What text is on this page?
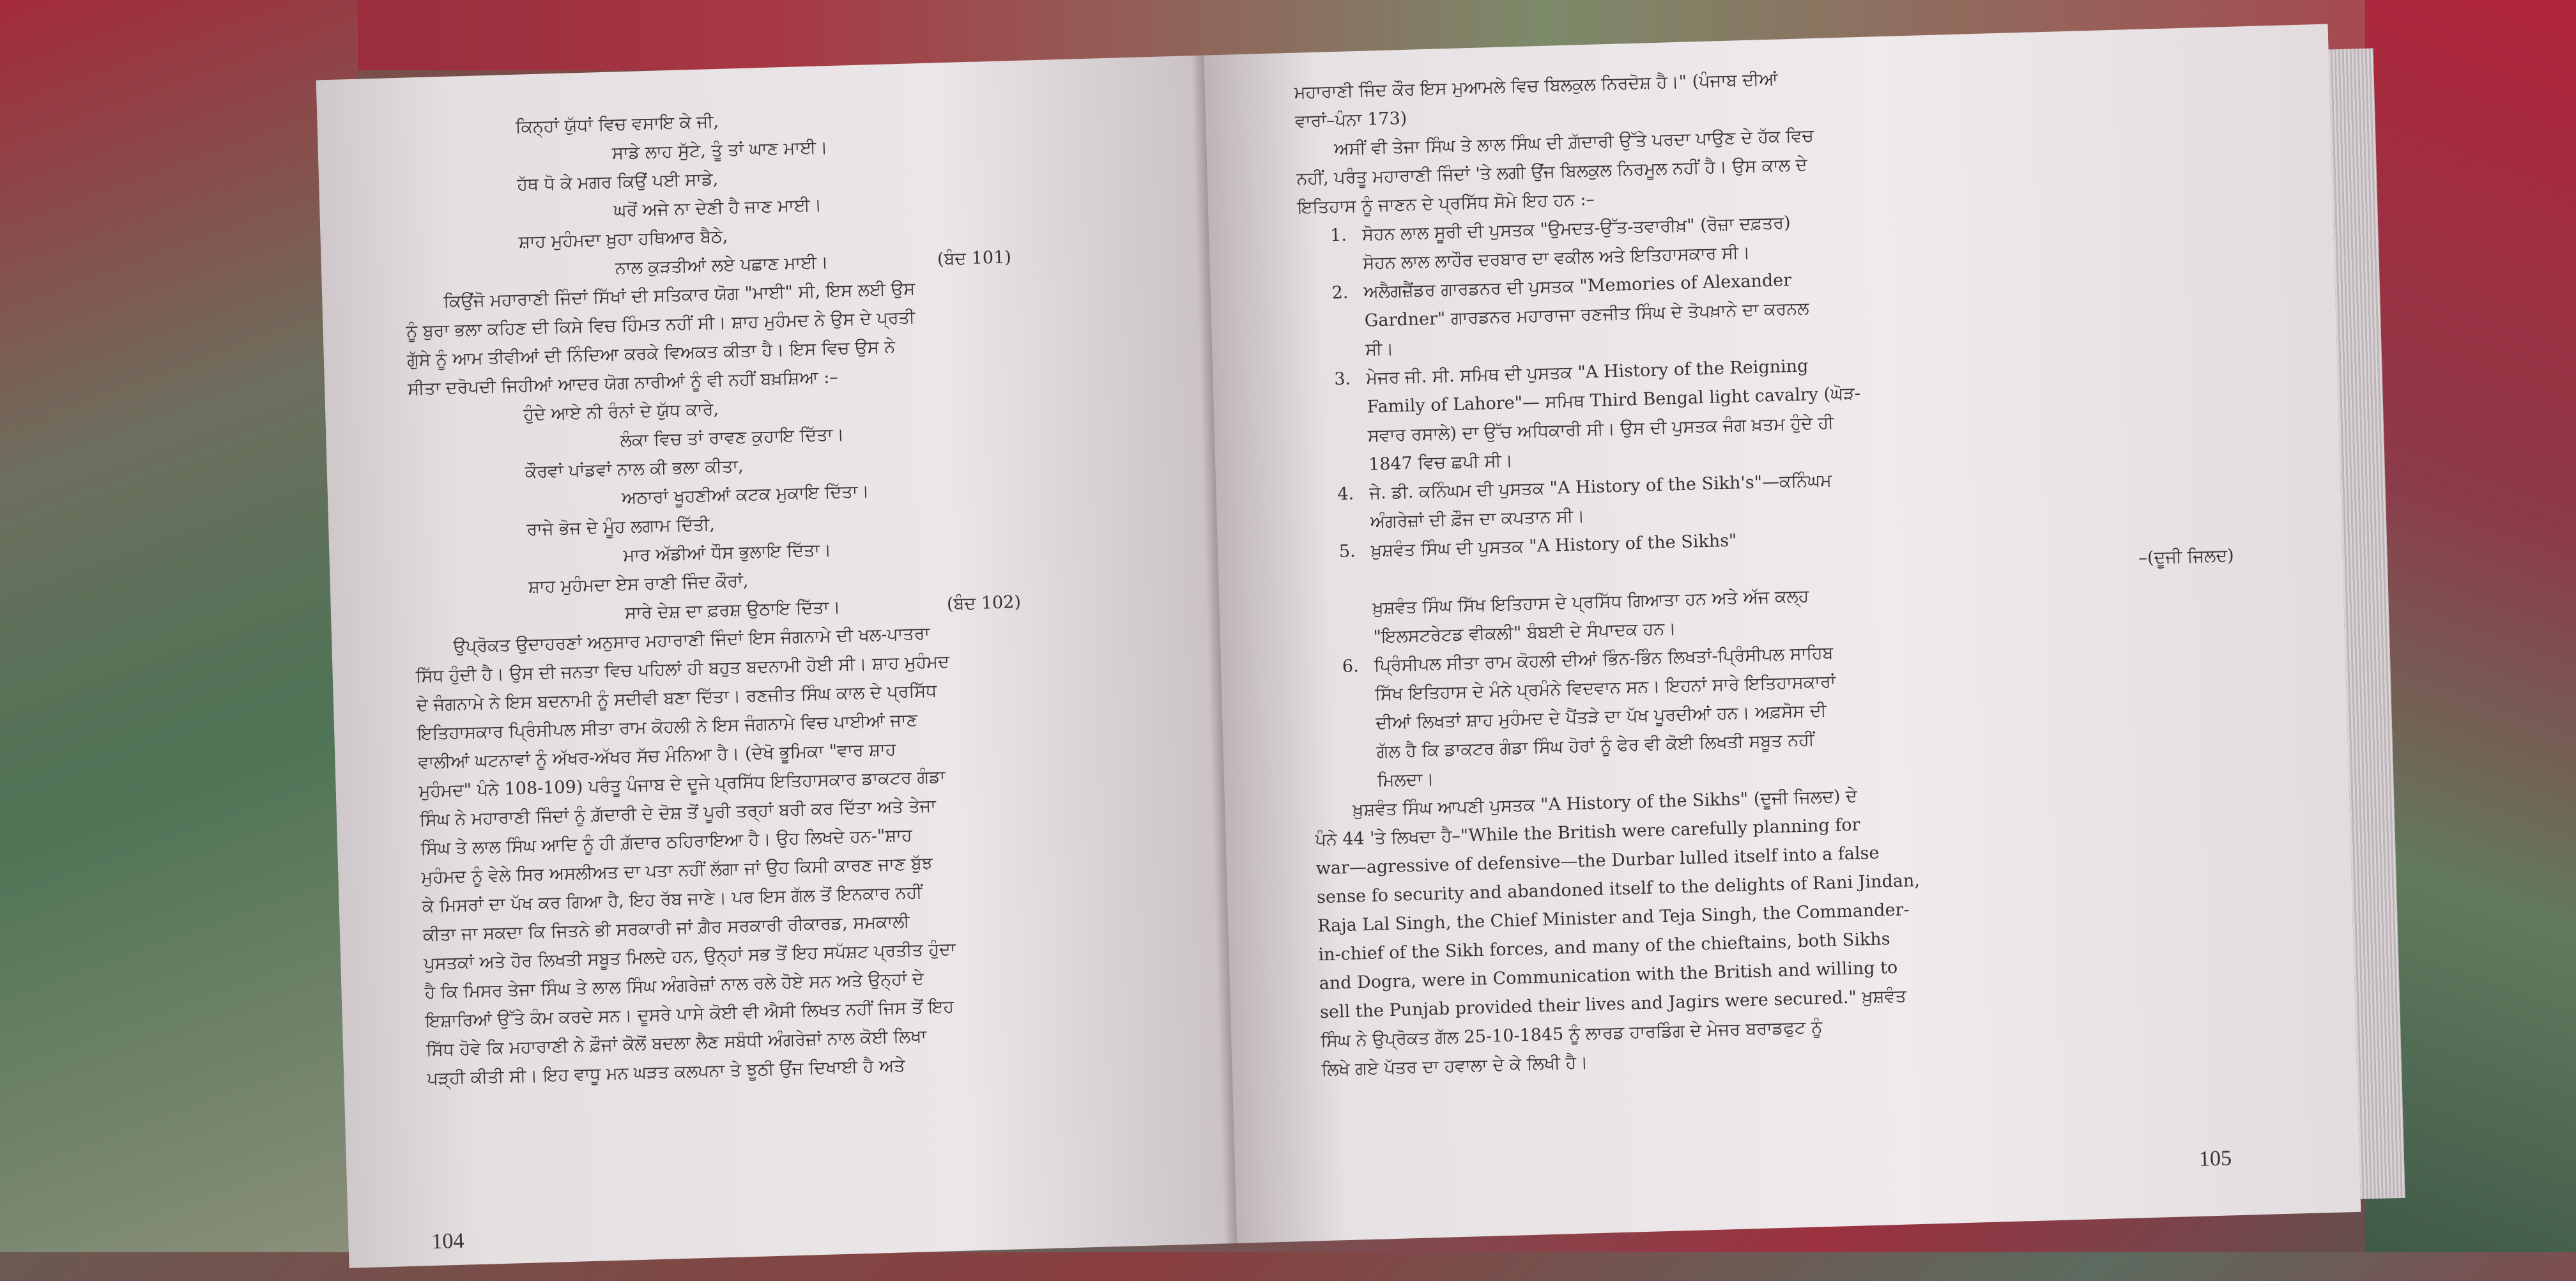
ਕਿਨ੍ਹਾਂ ਯੁੱਧਾਂ ਵਿਚ ਵਸਾਇ ਕੇ ਜੀ,

ਸਾਡੇ ਲਾਹ ਸੁੱਟੇ, ਤੂੰ ਤਾਂ ਘਾਣ ਮਾਈ।

ਹੱਥ ਧੋ ਕੇ ਮਗਰ ਕਿਉਂ ਪਈ ਸਾਡੇ,

ਘਰੋਂ ਅਜੇ ਨਾ ਦੇਣੀ ਹੈ ਜਾਣ ਮਾਈ।

ਸ਼ਾਹ ਮੁਹੰਮਦਾ ਖ਼ੁਹਾ ਹਥਿਆਰ ਬੈਠੇ,

ਨਾਲ ਕੁੜਤੀਆਂ ਲਏ ਪਛਾਣ ਮਾਈ।	(ਬੰਦ 101)

ਕਿਉਂਜੋ ਮਹਾਰਾਣੀ ਜਿੰਦਾਂ ਸਿੱਖਾਂ ਦੀ ਸਤਿਕਾਰ ਯੋਗ "ਮਾਈ" ਸੀ, ਇਸ ਲਈ ਉਸ

ਨੂੰ ਬੁਰਾ ਭਲਾ ਕਹਿਣ ਦੀ ਕਿਸੇ ਵਿਚ ਹਿੰਮਤ ਨਹੀਂ ਸੀ। ਸ਼ਾਹ ਮੁਹੰਮਦ ਨੇ ਉਸ ਦੇ ਪ੍ਰਤੀ

ਗੁੱਸੇ ਨੂੰ ਆਮ ਤੀਵੀਆਂ ਦੀ ਨਿੰਦਿਆ ਕਰਕੇ ਵਿਅਕਤ ਕੀਤਾ ਹੈ। ਇਸ ਵਿਚ ਉਸ ਨੇ

ਸੀਤਾ ਦਰੋਪਦੀ ਜਿਹੀਆਂ ਆਦਰ ਯੋਗ ਨਾਰੀਆਂ ਨੂੰ ਵੀ ਨਹੀਂ ਬਖ਼ਸ਼ਿਆ :–

ਹੁੰਦੇ ਆਏ ਨੀ ਰੰਨਾਂ ਦੇ ਯੁੱਧ ਕਾਰੇ,

ਲੰਕਾ ਵਿਚ ਤਾਂ ਰਾਵਣ ਕੁਹਾਇ ਦਿੱਤਾ।

ਕੌਰਵਾਂ ਪਾਂਡਵਾਂ ਨਾਲ ਕੀ ਭਲਾ ਕੀਤਾ,

ਅਠਾਰਾਂ ਖੂਹਣੀਆਂ ਕਟਕ ਮੁਕਾਇ ਦਿੱਤਾ।

ਰਾਜੇ ਭੋਜ ਦੇ ਮੂੰਹ ਲਗਾਮ ਦਿੱਤੀ,

ਮਾਰ ਅੱਡੀਆਂ ਧੌਸ ਭੁਲਾਇ ਦਿੱਤਾ।

ਸ਼ਾਹ ਮੁਹੰਮਦਾ ਏਸ ਰਾਣੀ ਜਿੰਦ ਕੌਰਾਂ,

ਸਾਰੇ ਦੇਸ਼ ਦਾ ਫ਼ਰਸ਼ ਉਠਾਇ ਦਿੱਤਾ।	(ਬੰਦ 102)

ਉਪ੍ਰੋਕਤ ਉਦਾਹਰਣਾਂ ਅਨੁਸਾਰ ਮਹਾਰਾਣੀ ਜਿੰਦਾਂ ਇਸ ਜੰਗਨਾਮੇ ਦੀ ਖਲ-ਪਾਤਰਾ

ਸਿੱਧ ਹੁੰਦੀ ਹੈ। ਉਸ ਦੀ ਜਨਤਾ ਵਿਚ ਪਹਿਲਾਂ ਹੀ ਬਹੁਤ ਬਦਨਾਮੀ ਹੋਈ ਸੀ। ਸ਼ਾਹ ਮੁਹੰਮਦ

ਦੇ ਜੰਗਨਾਮੇ ਨੇ ਇਸ ਬਦਨਾਮੀ ਨੂੰ ਸਦੀਵੀ ਬਣਾ ਦਿੱਤਾ। ਰਣਜੀਤ ਸਿੰਘ ਕਾਲ ਦੇ ਪ੍ਰਸਿੱਧ

ਇਤਿਹਾਸਕਾਰ ਪ੍ਰਿੰਸੀਪਲ ਸੀਤਾ ਰਾਮ ਕੋਹਲੀ ਨੇ ਇਸ ਜੰਗਨਾਮੇ ਵਿਚ ਪਾਈਆਂ ਜਾਣ

ਵਾਲੀਆਂ ਘਟਨਾਵਾਂ ਨੂੰ ਅੱਖਰ-ਅੱਖਰ ਸੱਚ ਮੰਨਿਆ ਹੈ। (ਦੇਖੋ ਭੂਮਿਕਾ "ਵਾਰ ਸ਼ਾਹ

ਮੁਹੰਮਦ" ਪੰਨੇ 108-109) ਪਰੰਤੂ ਪੰਜਾਬ ਦੇ ਦੂਜੇ ਪ੍ਰਸਿੱਧ ਇਤਿਹਾਸਕਾਰ ਡਾਕਟਰ ਗੰਡਾ

ਸਿੰਘ ਨੇ ਮਹਾਰਾਣੀ ਜਿੰਦਾਂ ਨੂੰ ਗ਼ੱਦਾਰੀ ਦੇ ਦੋਸ਼ ਤੋਂ ਪੂਰੀ ਤਰ੍ਹਾਂ ਬਰੀ ਕਰ ਦਿੱਤਾ ਅਤੇ ਤੇਜਾ

ਸਿੰਘ ਤੇ ਲਾਲ ਸਿੰਘ ਆਦਿ ਨੂੰ ਹੀ ਗ਼ੱਦਾਰ ਠਹਿਰਾਇਆ ਹੈ। ਉਹ ਲਿਖਦੇ ਹਨ-"ਸ਼ਾਹ

ਮੁਹੰਮਦ ਨੂੰ ਵੇਲੇ ਸਿਰ ਅਸਲੀਅਤ ਦਾ ਪਤਾ ਨਹੀਂ ਲੱਗਾ ਜਾਂ ਉਹ ਕਿਸੀ ਕਾਰਣ ਜਾਣ ਬੁੱਝ

ਕੇ ਮਿਸਰਾਂ ਦਾ ਪੱਖ ਕਰ ਗਿਆ ਹੈ, ਇਹ ਰੱਬ ਜਾਣੇ। ਪਰ ਇਸ ਗੱਲ ਤੋਂ ਇਨਕਾਰ ਨਹੀਂ

ਕੀਤਾ ਜਾ ਸਕਦਾ ਕਿ ਜਿਤਨੇ ਭੀ ਸਰਕਾਰੀ ਜਾਂ ਗ਼ੈਰ ਸਰਕਾਰੀ ਰੀਕਾਰਡ, ਸਮਕਾਲੀ

ਪੁਸਤਕਾਂ ਅਤੇ ਹੋਰ ਲਿਖਤੀ ਸਬੂਤ ਮਿਲਦੇ ਹਨ, ਉਨ੍ਹਾਂ ਸਭ ਤੋਂ ਇਹ ਸਪੱਸ਼ਟ ਪ੍ਰਤੀਤ ਹੁੰਦਾ

ਹੈ ਕਿ ਮਿਸਰ ਤੇਜਾ ਸਿੰਘ ਤੇ ਲਾਲ ਸਿੰਘ ਅੰਗਰੇਜ਼ਾਂ ਨਾਲ ਰਲੇ ਹੋਏ ਸਨ ਅਤੇ ਉਨ੍ਹਾਂ ਦੇ

ਇਸ਼ਾਰਿਆਂ ਉੱਤੇ ਕੰਮ ਕਰਦੇ ਸਨ। ਦੂਸਰੇ ਪਾਸੇ ਕੋਈ ਵੀ ਐਸੀ ਲਿਖਤ ਨਹੀਂ ਜਿਸ ਤੋਂ ਇਹ

ਸਿੱਧ ਹੋਵੇ ਕਿ ਮਹਾਰਾਣੀ ਨੇ ਫ਼ੌਜਾਂ ਕੋਲੋਂ ਬਦਲਾ ਲੈਣ ਸਬੰਧੀ ਅੰਗਰੇਜ਼ਾਂ ਨਾਲ ਕੋਈ ਲਿਖਾ

ਪੜ੍ਹੀ ਕੀਤੀ ਸੀ। ਇਹ ਵਾਧੂ ਮਨ ਘੜਤ ਕਲਪਨਾ ਤੇ ਝੂਠੀ ਉਂਜ ਦਿਖਾਈ ਹੈ ਅਤੇ

104

ਮਹਾਰਾਣੀ ਜਿੰਦ ਕੌਰ ਇਸ ਮੁਆਮਲੇ ਵਿਚ ਬਿਲਕੁਲ ਨਿਰਦੋਸ਼ ਹੈ।" (ਪੰਜਾਬ ਦੀਆਂ

ਵਾਰਾਂ–ਪੰਨਾ 173)

ਅਸੀਂ ਵੀ ਤੇਜਾ ਸਿੰਘ ਤੇ ਲਾਲ ਸਿੰਘ ਦੀ ਗ਼ੱਦਾਰੀ ਉੱਤੇ ਪਰਦਾ ਪਾਉਣ ਦੇ ਹੱਕ ਵਿਚ

ਨਹੀਂ, ਪਰੰਤੂ ਮਹਾਰਾਣੀ ਜਿੰਦਾਂ 'ਤੇ ਲਗੀ ਉਂਜ ਬਿਲਕੁਲ ਨਿਰਮੂਲ ਨਹੀਂ ਹੈ। ਉਸ ਕਾਲ ਦੇ

ਇਤਿਹਾਸ ਨੂੰ ਜਾਣਨ ਦੇ ਪ੍ਰਸਿੱਧ ਸੋਮੇ ਇਹ ਹਨ :–

1. ਸੋਹਨ ਲਾਲ ਸੂਰੀ ਦੀ ਪੁਸਤਕ "ਉਮਦਤ-ਉੱਤ-ਤਵਾਰੀਖ਼" (ਰੋਜ਼ਾ ਦਫ਼ਤਰ)

ਸੋਹਨ ਲਾਲ ਲਾਹੌਰ ਦਰਬਾਰ ਦਾ ਵਕੀਲ ਅਤੇ ਇਤਿਹਾਸਕਾਰ ਸੀ।

2. ਅਲੈਗਜ਼ੈਂਡਰ ਗਾਰਡਨਰ ਦੀ ਪੁਸਤਕ "Memories of Alexander

Gardner" ਗਾਰਡਨਰ ਮਹਾਰਾਜਾ ਰਣਜੀਤ ਸਿੰਘ ਦੇ ਤੋਪਖ਼ਾਨੇ ਦਾ ਕਰਨਲ

ਸੀ।

3. ਮੇਜਰ ਜੀ. ਸੀ. ਸਮਿਥ ਦੀ ਪੁਸਤਕ "A History of the Reigning

Family of Lahore"— ਸਮਿਥ Third Bengal light cavalry (ਘੋੜ-

ਸਵਾਰ ਰਸਾਲੇ) ਦਾ ਉੱਚ ਅਧਿਕਾਰੀ ਸੀ। ਉਸ ਦੀ ਪੁਸਤਕ ਜੰਗ ਖ਼ਤਮ ਹੁੰਦੇ ਹੀ

1847 ਵਿਚ ਛਪੀ ਸੀ।

4. ਜੇ. ਡੀ. ਕਨਿੰਘਮ ਦੀ ਪੁਸਤਕ "A History of the Sikh's"—ਕਨਿੰਘਮ

ਅੰਗਰੇਜ਼ਾਂ ਦੀ ਫ਼ੌਜ ਦਾ ਕਪਤਾਨ ਸੀ।

5. ਖ਼ੁਸ਼ਵੰਤ ਸਿੰਘ ਦੀ ਪੁਸਤਕ "A History of the Sikhs"	–(ਦੂਜੀ ਜਿਲਦ)

ਖ਼ੁਸ਼ਵੰਤ ਸਿੰਘ ਸਿੱਖ ਇਤਿਹਾਸ ਦੇ ਪ੍ਰਸਿੱਧ ਗਿਆਤਾ ਹਨ ਅਤੇ ਅੱਜ ਕਲ੍ਹ

"ਇਲਸਟਰੇਟਡ ਵੀਕਲੀ" ਬੰਬਈ ਦੇ ਸੰਪਾਦਕ ਹਨ।

6. ਪ੍ਰਿੰਸੀਪਲ ਸੀਤਾ ਰਾਮ ਕੋਹਲੀ ਦੀਆਂ ਭਿੰਨ-ਭਿੰਨ ਲਿਖਤਾਂ-ਪ੍ਰਿੰਸੀਪਲ ਸਾਹਿਬ

ਸਿੱਖ ਇਤਿਹਾਸ ਦੇ ਮੰਨੇ ਪ੍ਰਮੰਨੇ ਵਿਦਵਾਨ ਸਨ। ਇਹਨਾਂ ਸਾਰੇ ਇਤਿਹਾਸਕਾਰਾਂ

ਦੀਆਂ ਲਿਖਤਾਂ ਸ਼ਾਹ ਮੁਹੰਮਦ ਦੇ ਪੈਂਤੜੇ ਦਾ ਪੱਖ ਪੂਰਦੀਆਂ ਹਨ। ਅਫ਼ਸੋਸ ਦੀ

ਗੱਲ ਹੈ ਕਿ ਡਾਕਟਰ ਗੰਡਾ ਸਿੰਘ ਹੋਰਾਂ ਨੂੰ ਫੇਰ ਵੀ ਕੋਈ ਲਿਖਤੀ ਸਬੂਤ ਨਹੀਂ

ਮਿਲਦਾ।

ਖ਼ੁਸ਼ਵੰਤ ਸਿੰਘ ਆਪਣੀ ਪੁਸਤਕ "A History of the Sikhs" (ਦੂਜੀ ਜਿਲਦ) ਦੇ

ਪੰਨੇ 44 'ਤੇ ਲਿਖਦਾ ਹੈ–"While the British were carefully planning for

war—agressive of defensive—the Durbar lulled itself into a false

sense fo security and abandoned itself to the delights of Rani Jindan,

Raja Lal Singh, the Chief Minister and Teja Singh, the Commander-

in-chief of the Sikh forces, and many of the chieftains, both Sikhs

and Dogra, were in Communication with the British and willing to

sell the Punjab provided their lives and Jagirs were secured." ਖ਼ੁਸ਼ਵੰਤ

ਸਿੰਘ ਨੇ ਉਪ੍ਰੋਕਤ ਗੱਲ 25-10-1845 ਨੂੰ ਲਾਰਡ ਹਾਰਡਿੰਗ ਦੇ ਮੇਜਰ ਬਰਾਡਫੁਟ ਨੂੰ

ਲਿਖੇ ਗਏ ਪੱਤਰ ਦਾ ਹਵਾਲਾ ਦੇ ਕੇ ਲਿਖੀ ਹੈ।

105
